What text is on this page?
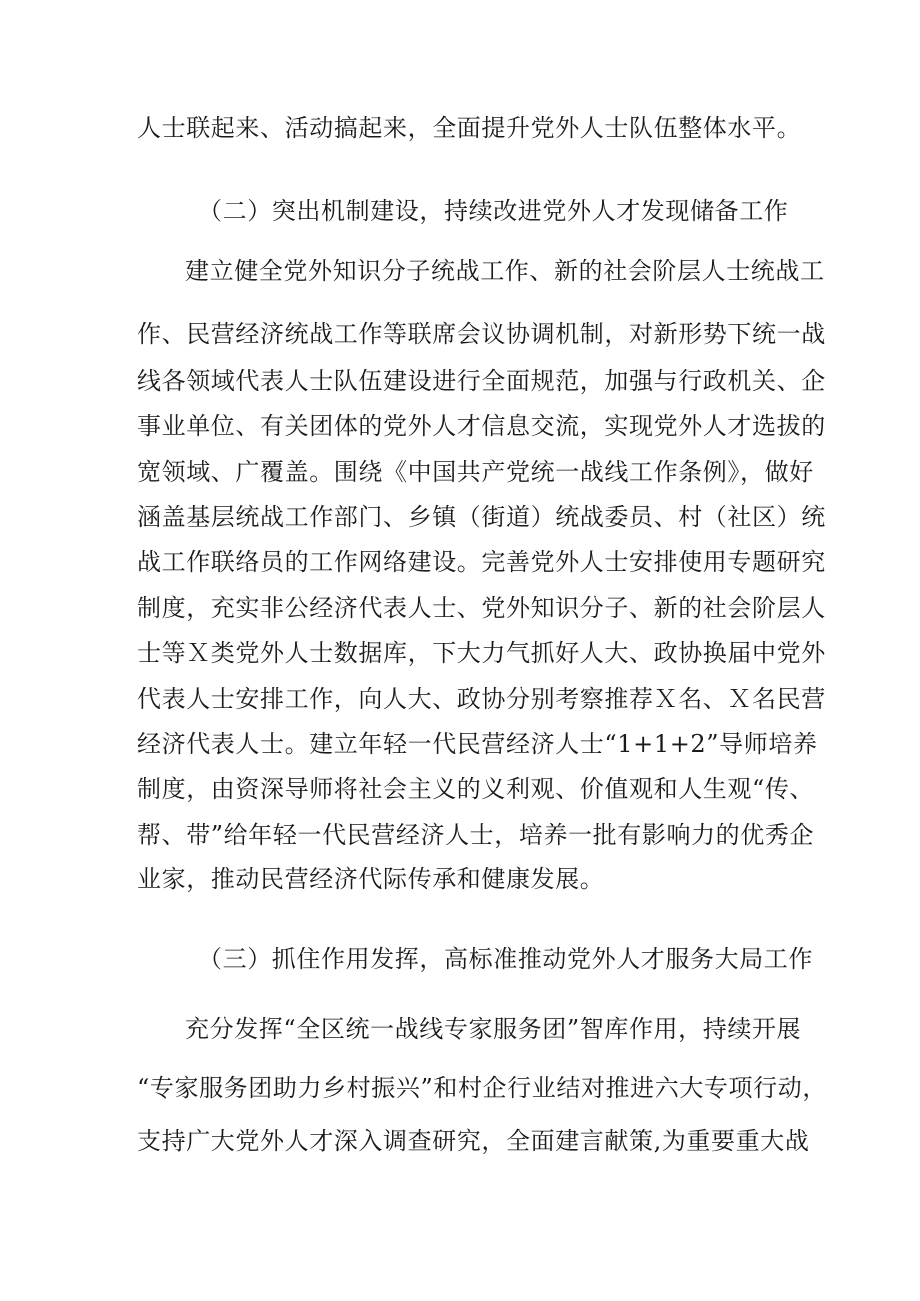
人士联起来、活动搞起来，全面提升党外人士队伍整体水平。
（二）突出机制建设，持续改进党外人才发现储备工作
建立健全党外知识分子统战工作、新的社会阶层人士统战工
作、民营经济统战工作等联席会议协调机制，对新形势下统一战
线各领域代表人士队伍建设进行全面规范，加强与行政机关、企
事业单位、有关团体的党外人才信息交流，实现党外人才选拔的
宽领域、广覆盖。围绕《中国共产党统一战线工作条例》，做好
涵盖基层统战工作部门、乡镇（街道）统战委员、村（社区）统
战工作联络员的工作网络建设。完善党外人士安排使用专题研究
制度，充实非公经济代表人士、党外知识分子、新的社会阶层人
士等Ｘ类党外人士数据库，下大力气抓好人大、政协换届中党外
代表人士安排工作，向人大、政协分别考察推荐Ｘ名、Ｘ名民营
经济代表人士。建立年轻一代民营经济人士“1+1+2”导师培养
制度，由资深导师将社会主义的义利观、价值观和人生观“传、
帮、带”给年轻一代民营经济人士，培养一批有影响力的优秀企
业家，推动民营经济代际传承和健康发展。
（三）抓住作用发挥，高标准推动党外人才服务大局工作
充分发挥“全区统一战线专家服务团”智库作用，持续开展
“专家服务团助力乡村振兴”和村企行业结对推进六大专项行动，
支持广大党外人才深入调查研究，全面建言献策,为重要重大战
